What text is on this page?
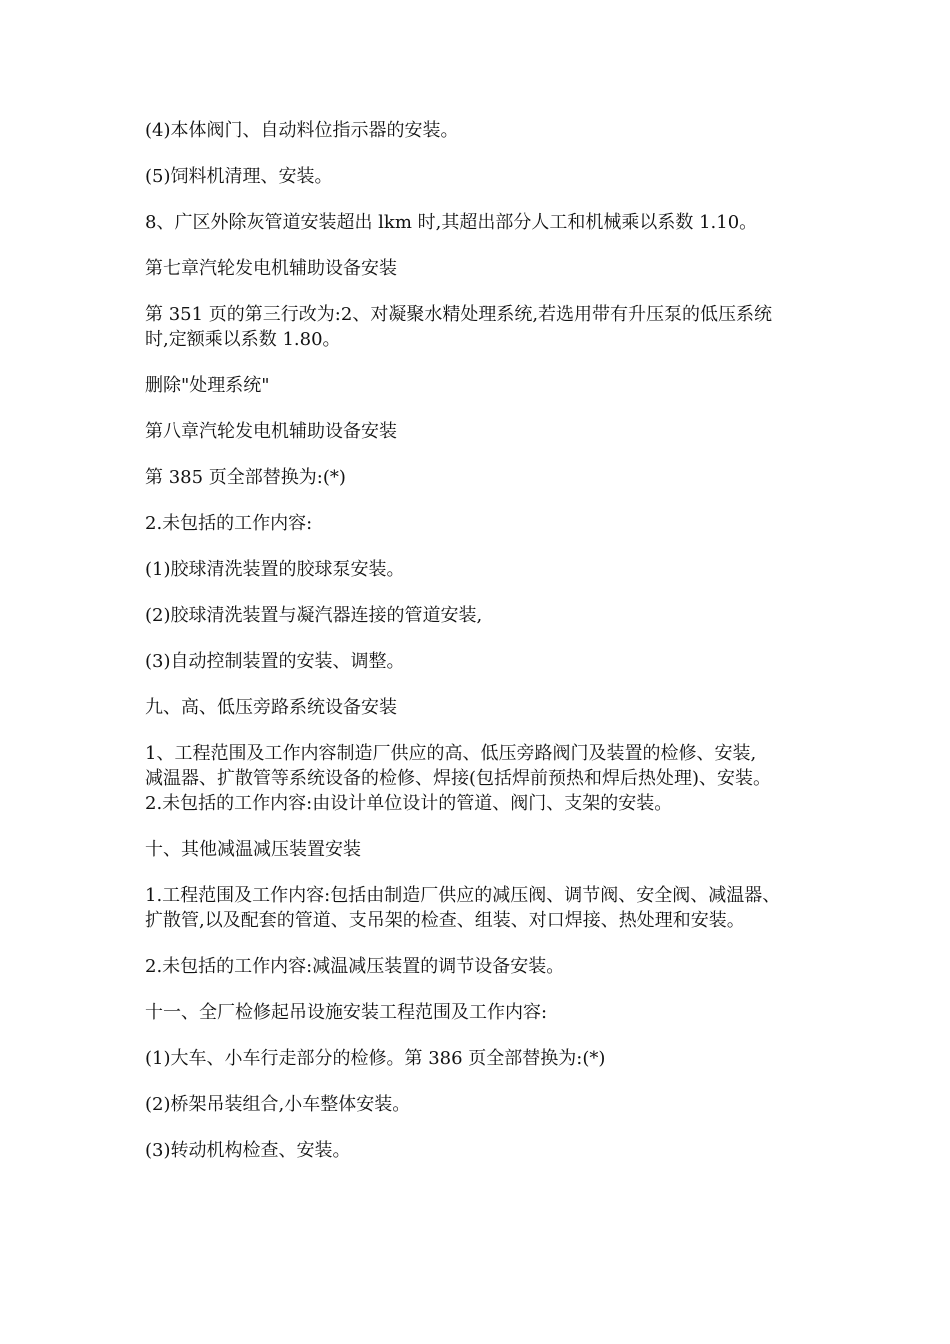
(4)本体阀门、自动料位指示器的安装。

(5)饲料机清理、安装。

8、广区外除灰管道安装超出 lkm 时,其超出部分人工和机械乘以系数 1.10。

第七章汽轮发电机辅助设备安装

第 351 页的第三行改为:2、对凝聚水精处理系统,若选用带有升压泵的低压系统
时,定额乘以系数 1.80。

删除"处理系统"

第八章汽轮发电机辅助设备安装

第 385 页全部替换为:(*)

2.未包括的工作内容:

(1)胶球清洗装置的胶球泵安装。

(2)胶球清洗装置与凝汽器连接的管道安装,

(3)自动控制装置的安装、调整。

九、高、低压旁路系统设备安装

1、工程范围及工作内容制造厂供应的高、低压旁路阀门及装置的检修、安装,
减温器、扩散管等系统设备的检修、焊接(包括焊前预热和焊后热处理)、安装。
2.未包括的工作内容:由设计单位设计的管道、阀门、支架的安装。

十、其他减温减压装置安装

1.工程范围及工作内容:包括由制造厂供应的减压阀、调节阀、安全阀、减温器、
扩散管,以及配套的管道、支吊架的检查、组装、对口焊接、热处理和安装。

2.未包括的工作内容:减温减压装置的调节设备安装。

十一、全厂检修起吊设施安装工程范围及工作内容:

(1)大车、小车行走部分的检修。第 386 页全部替换为:(*)

(2)桥架吊装组合,小车整体安装。

(3)转动机构检查、安装。
